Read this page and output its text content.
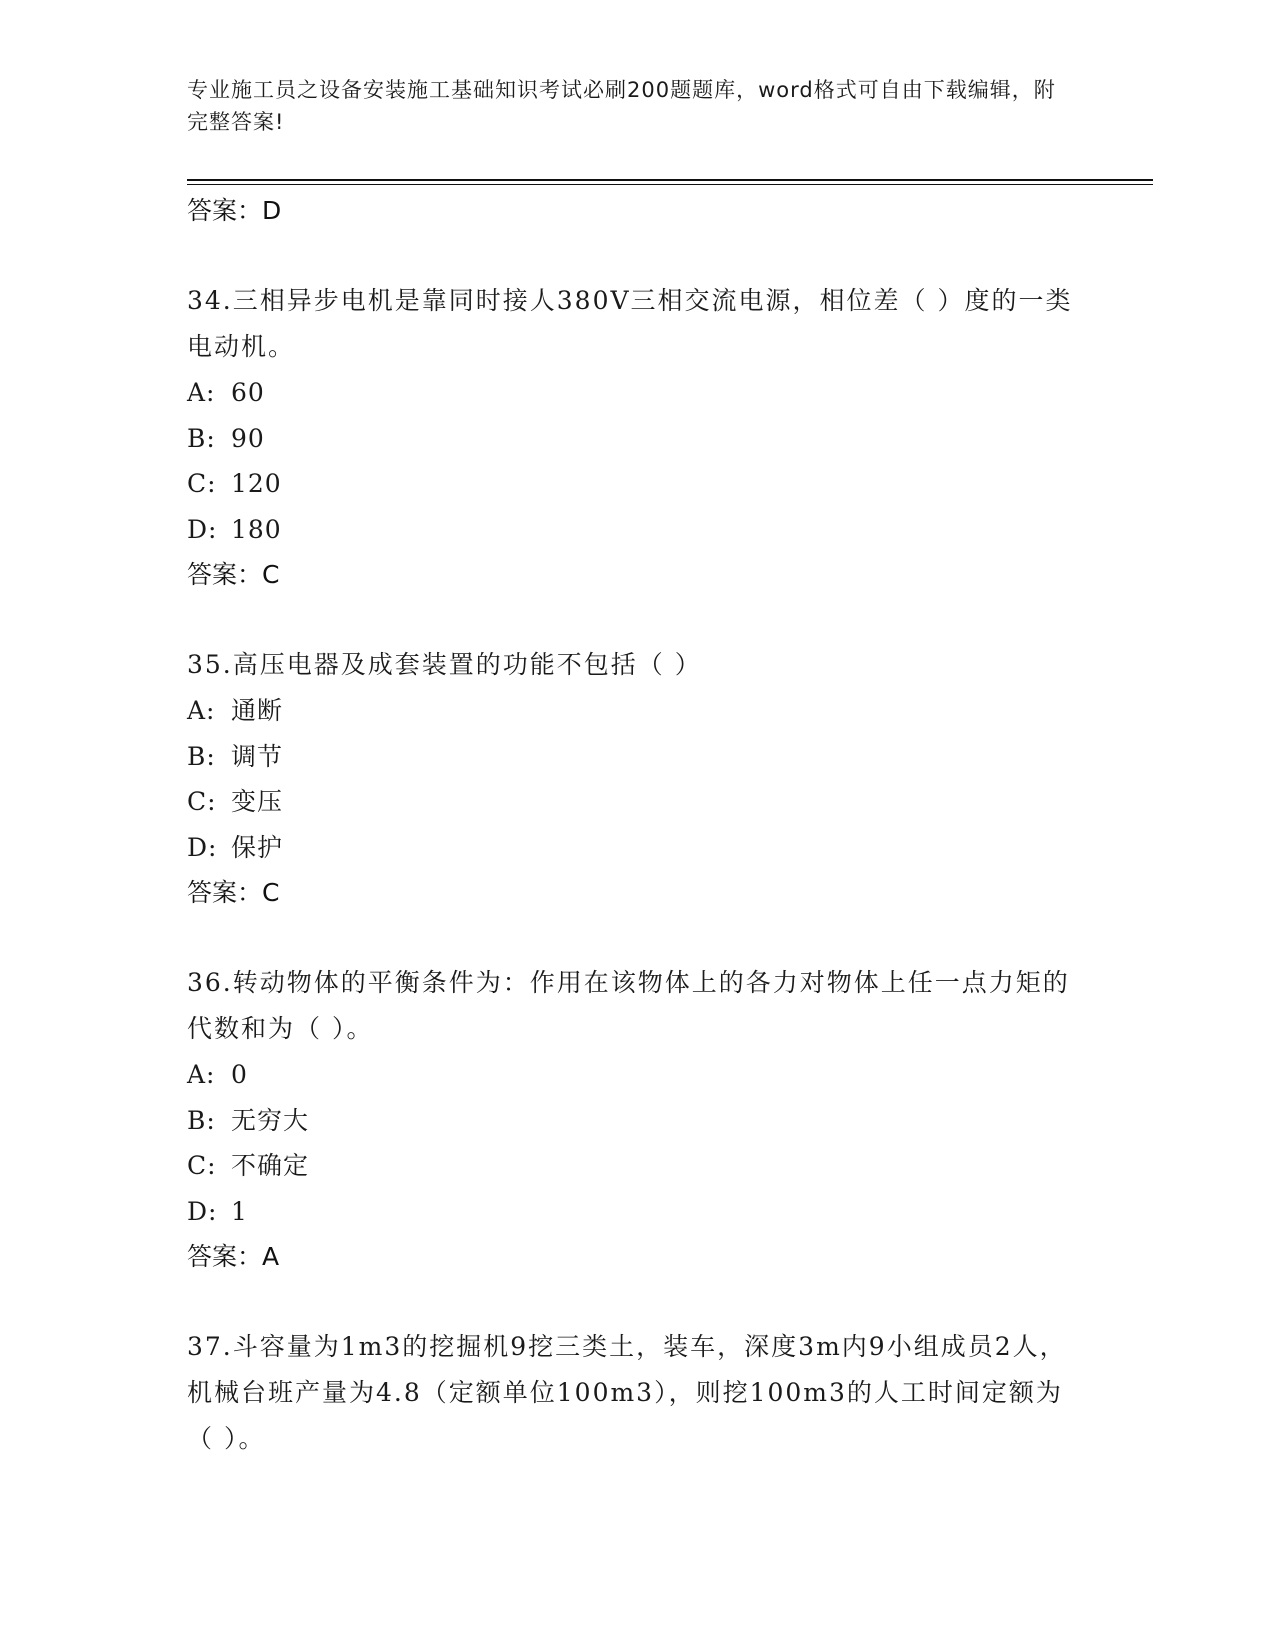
专业施工员之设备安装施工基础知识考试必刷200题题库，word格式可自由下载编辑，附完整答案!
答案：D
34.三相异步电机是靠同时接人380V三相交流电源，相位差（ ）度的一类电动机。
A: 60
B: 90
C: 120
D: 180
答案：C
35.高压电器及成套装置的功能不包括（ ）
A: 通断
B: 调节
C: 变压
D: 保护
答案：C
36.转动物体的平衡条件为：作用在该物体上的各力对物体上任一点力矩的代数和为（ ）。
A: 0
B: 无穷大
C: 不确定
D: 1
答案：A
37.斗容量为1m3的挖掘机9挖三类土，装车，深度3m内9小组成员2人，机械台班产量为4.8（定额单位100m3），则挖100m3的人工时间定额为（ ）。
